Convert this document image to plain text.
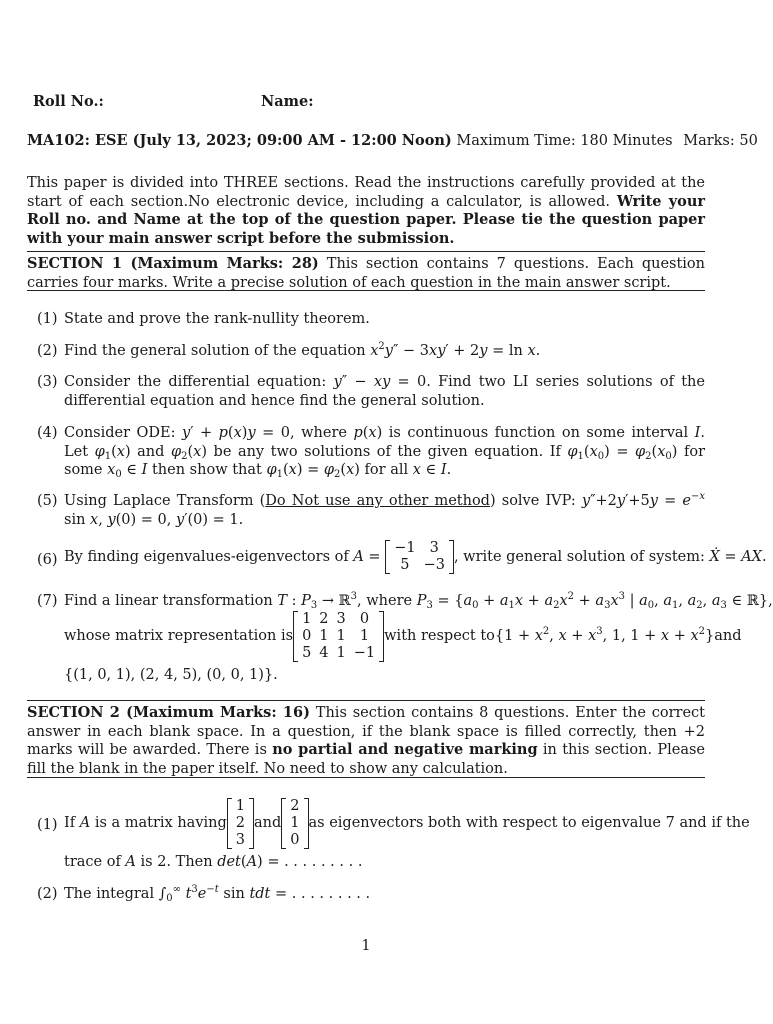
Roll No.:	Name:
MA102: ESE (July 13, 2023; 09:00 AM - 12:00 Noon) Maximum Time: 180 Minutes Marks: 50
This paper is divided into THREE sections. Read the instructions carefully provided at the start of each section.No electronic device, including a calculator, is allowed. Write your Roll no. and Name at the top of the question paper. Please tie the question paper with your main answer script before the submission.
SECTION 1 (Maximum Marks: 28) This section contains 7 questions. Each question carries four marks. Write a precise solution of each question in the main answer script.
(1) State and prove the rank-nullity theorem.
(2) Find the general solution of the equation $x^2y'' - 3xy' + 2y = \ln x$.
(3) Consider the differential equation: y″ − xy = 0. Find two LI series solutions of the differential equation and hence find the general solution.
(4) Consider ODE: y′ + p(x)y = 0, where p(x) is continuous function on some interval I. Let $\varphi_1(x)$ and $\varphi_2(x)$ be any two solutions of the given equation. If $\varphi_1(x_0) = \varphi_2(x_0)$ for some $x_0$ ∈ I then show that $\varphi_1(x) = \varphi_2(x)$ for all x ∈ I.
(5) Using Laplace Transform (Do Not use any other method) solve IVP: $y''+2y'+5y = e^{-x}$ sin x, y(0) = 0, y′(0) = 1.
(6) By finding eigenvalues-eigenvectors of A =
−1	3
5	−3 , write general solution of system: Ẋ = AX.
(7) Find a linear transformation T : $P_3$ → ℝ$^3$, where $P_3 = \{a_0 + a_1x + a_2x^2 + a_3x^3$ | $a_0$, $a_1$, $a_2$, $a_3$ ∈ ℝ},
whose matrix representation is
1	2	3	0
0	1	1	1
5	4	1	−1
with respect to {$1 + x^2$, $x + x^3$, 1, $1 + x + x^2$} and
{(1, 0, 1), (2, 4, 5), (0, 0, 1)}.
SECTION 2 (Maximum Marks: 16) This section contains 8 questions. Enter the correct answer in each blank space. In a question, if the blank space is filled correctly, then +2 marks will be awarded. There is no partial and negative marking in this section. Please fill the blank in the paper itself. No need to show any calculation.
(1) If A is a matrix having
1
2
3
and
2
1
0
as eigenvectors both with respect to eigenvalue 7 and if the
trace of A is 2. Then det(A) = . . . . . . . . .
(2) The integral $\int_0^\infty$ $t^3e^{-t}$ sin tdt = . . . . . . . . .
1
